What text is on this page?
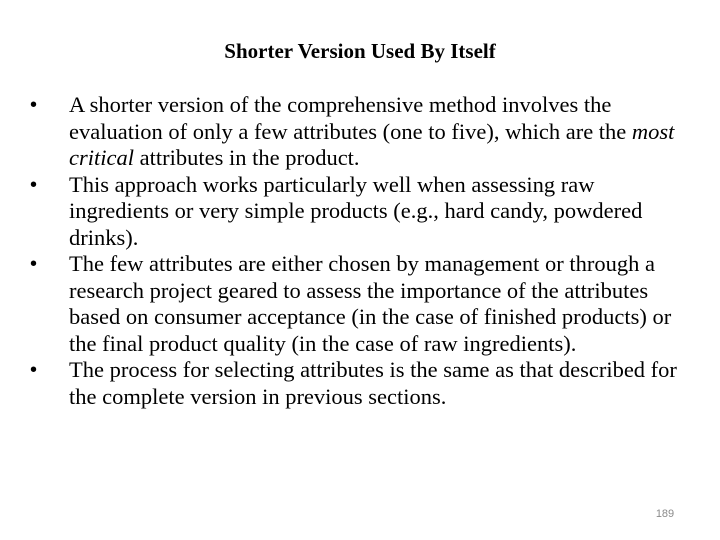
Shorter Version Used By Itself
•	A shorter version of the comprehensive method involves the evaluation of only a few attributes (one to five), which are the most critical attributes in the product.
•	This approach works particularly well when assessing raw ingredients or very simple products (e.g., hard candy, powdered drinks).
•	The few attributes are either chosen by management or through a research project geared to assess the importance of the attributes based on consumer acceptance (in the case of finished products) or the final product quality (in the case of raw ingredients).
•	The process for selecting attributes is the same as that described for the complete version in previous sections.
189
